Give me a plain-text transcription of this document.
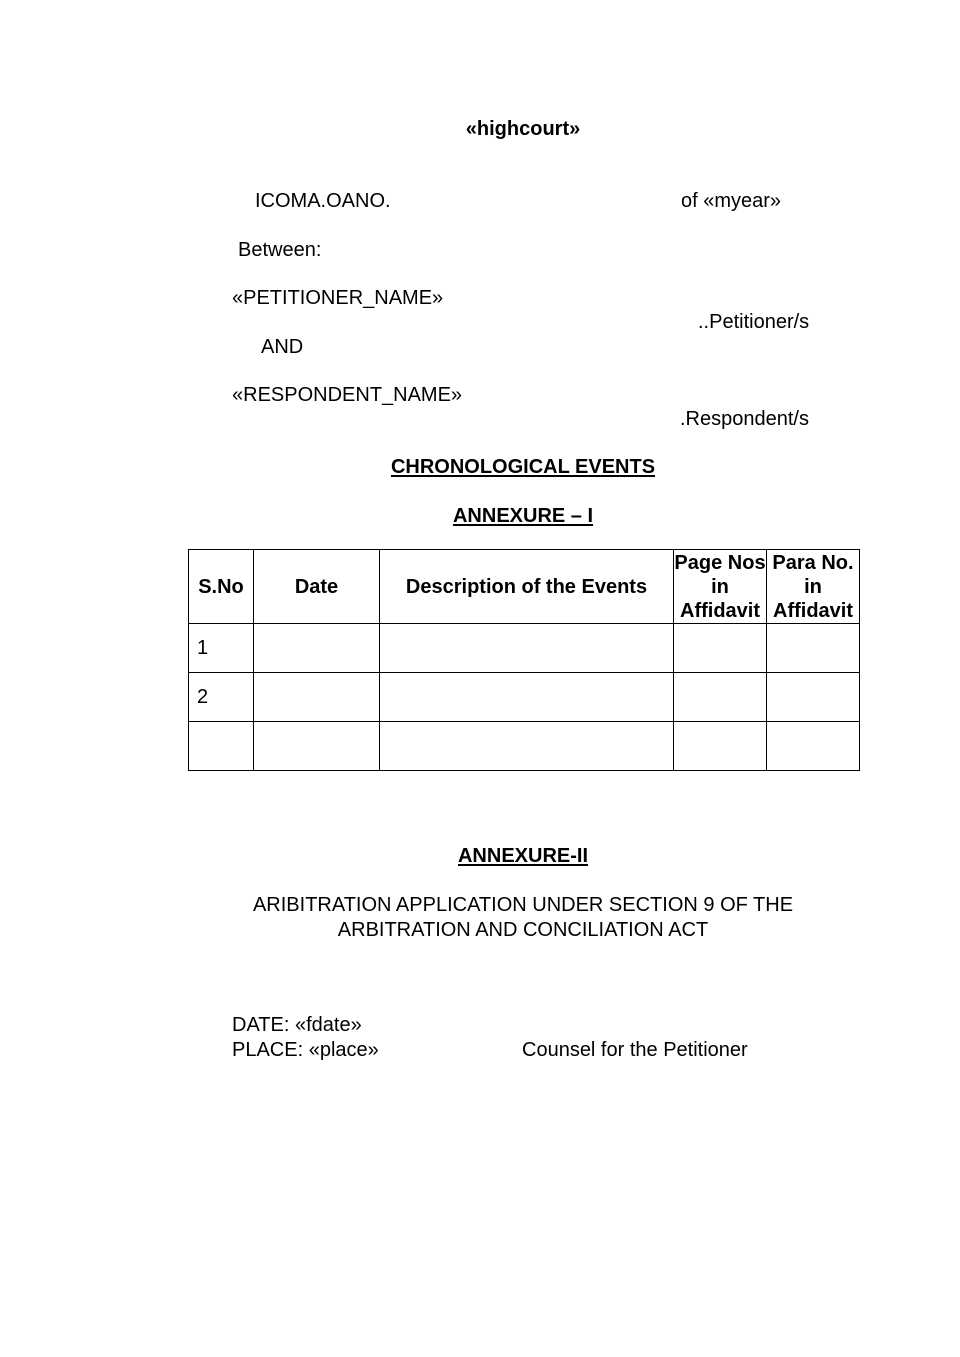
«highcourt»
ICOMA.OANO.	of «myear»
Between:
«PETITIONER_NAME»
..Petitioner/s
AND
«RESPONDENT_NAME»
.Respondent/s
CHRONOLOGICAL EVENTS
ANNEXURE – I
S.No	Date	Description of the Events	Page Nos in Affidavit	Para No. in Affidavit
1				
2				

ANNEXURE-II
ARIBITRATION APPLICATION UNDER SECTION 9 OF THE
ARBITRATION AND CONCILIATION ACT
DATE: «fdate»
PLACE: «place»	Counsel for the Petitioner
